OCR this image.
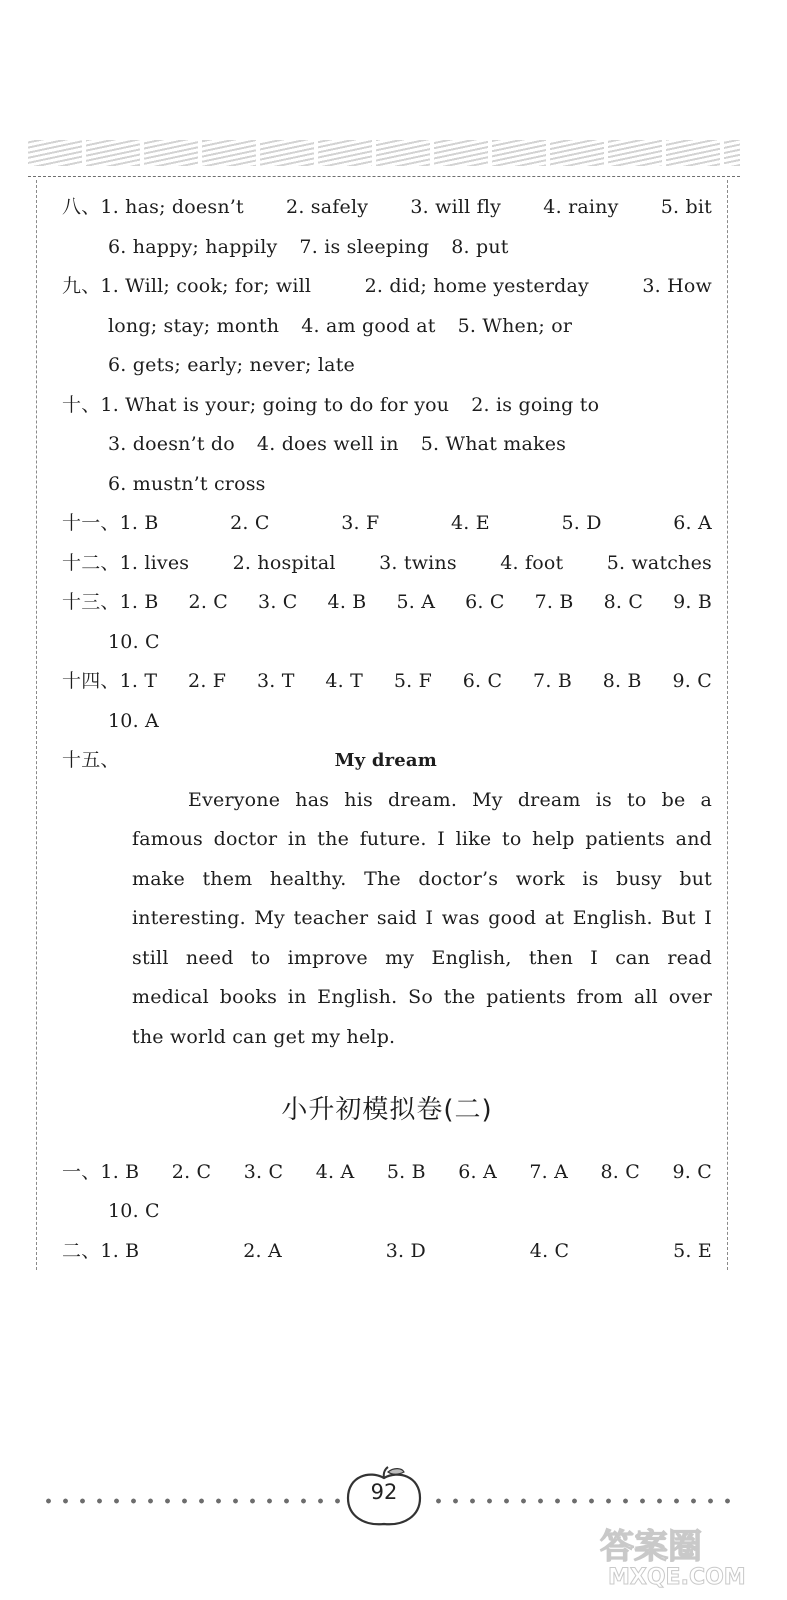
八、 1. has; doesn’t 2. safely 3. will fly 4. rainy 5. bit
6. happy; happily 7. is sleeping 8. put
九、 1. Will; cook; for; will	2. did; home yesterday	3. How
long; stay; month 4. am good at 5. When; or
6. gets; early; never; late
十、 1. What is your; going to do for you 2. is going to
3. doesn’t do 4. does well in 5. What makes
6. mustn’t cross
十一、 1. B	2. C	3. F	4. E	5. D	6. A
十二、 1. lives 2. hospital 3. twins 4. foot 5. watches
十三、 1. B 2. C 3. C 4. B 5. A 6. C 7. B 8. C 9. B
10. C
十四、 1. T 2. F 3. T 4. T 5. F 6. C 7. B 8. B 9. C
10. A
十五、	My dream

Everyone has his dream. My dream is to be a

famous doctor in the future. I like to help patients and

make them healthy. The doctor’s work is busy but

interesting. My teacher said I was good at English. But I

still need to improve my English, then I can read

medical books in English. So the patients from all over

the world can get my help.

小升初模拟卷(二)
一、 1. B 2. C 3. C 4. A 5. B 6. A 7. A 8. C 9. C
10. C
二、 1. B	2. A	3. D	4. C	5. E
92
答案圈
MXQE.COM
